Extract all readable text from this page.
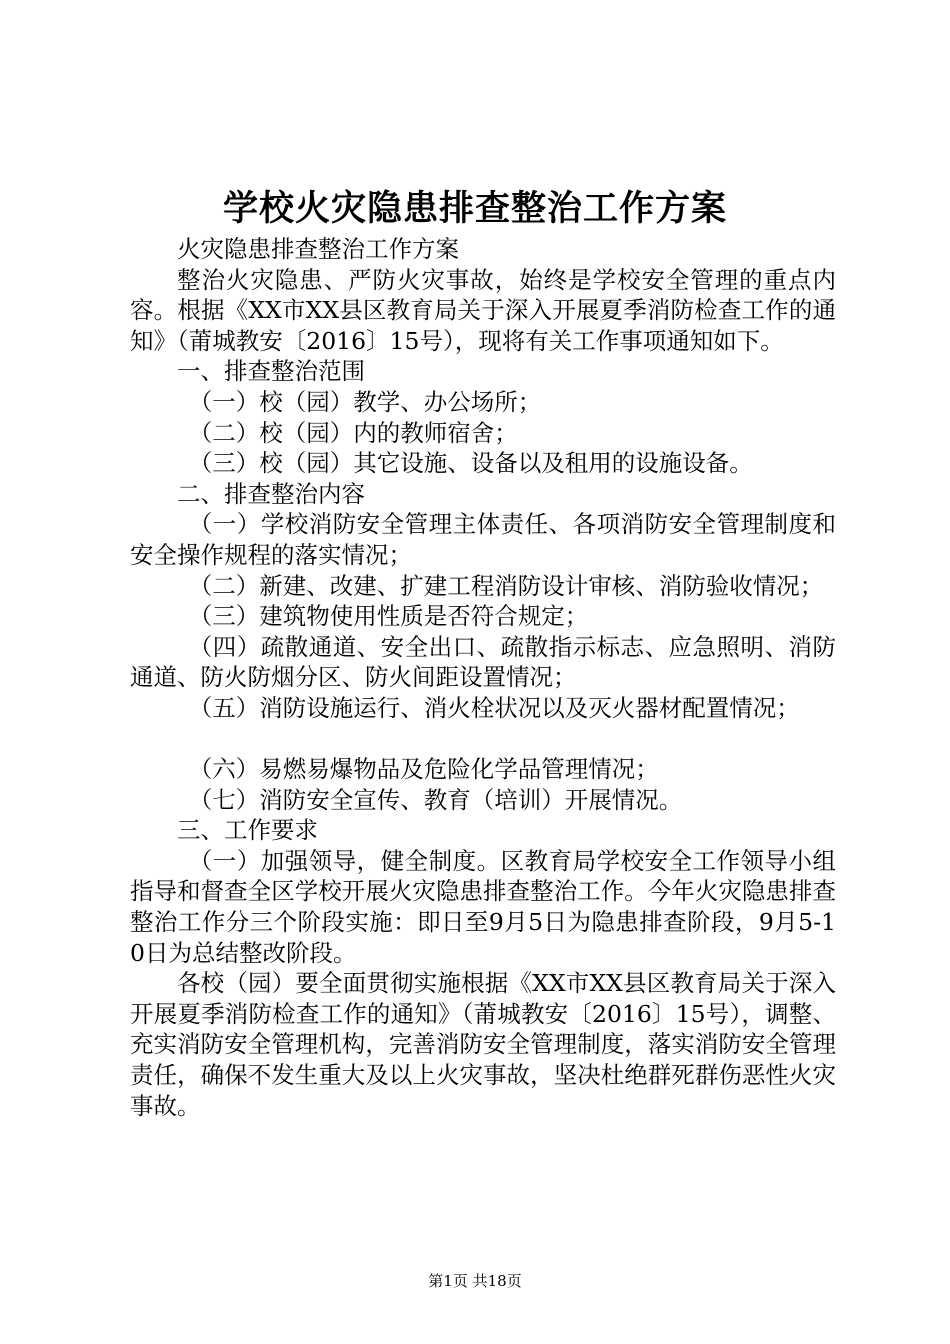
学校火灾隐患排查整治工作方案

火灾隐患排查整治工作方案

整治火灾隐患、严防火灾事故，始终是学校安全管理的重点内容。根据《XX市XX县区教育局关于深入开展夏季消防检查工作的通知》（莆城教安〔2016〕15号），现将有关工作事项通知如下。

一、排查整治范围

（一）校（园）教学、办公场所；

（二）校（园）内的教师宿舍；

（三）校（园）其它设施、设备以及租用的设施设备。

二、排查整治内容

（一）学校消防安全管理主体责任、各项消防安全管理制度和安全操作规程的落实情况；

（二）新建、改建、扩建工程消防设计审核、消防验收情况；

（三）建筑物使用性质是否符合规定；

（四）疏散通道、安全出口、疏散指示标志、应急照明、消防通道、防火防烟分区、防火间距设置情况；

（五）消防设施运行、消火栓状况以及灭火器材配置情况；

（六）易燃易爆物品及危险化学品管理情况；

（七）消防安全宣传、教育（培训）开展情况。

三、工作要求

（一）加强领导，健全制度。区教育局学校安全工作领导小组指导和督查全区学校开展火灾隐患排查整治工作。今年火灾隐患排查整治工作分三个阶段实施：即日至9月5日为隐患排查阶段，9月5-10日为总结整改阶段。

各校（园）要全面贯彻实施根据《XX市XX县区教育局关于深入开展夏季消防检查工作的通知》（莆城教安〔2016〕15号），调整、充实消防安全管理机构，完善消防安全管理制度，落实消防安全管理责任，确保不发生重大及以上火灾事故，坚决杜绝群死群伤恶性火灾事故。

第1页 共18页
